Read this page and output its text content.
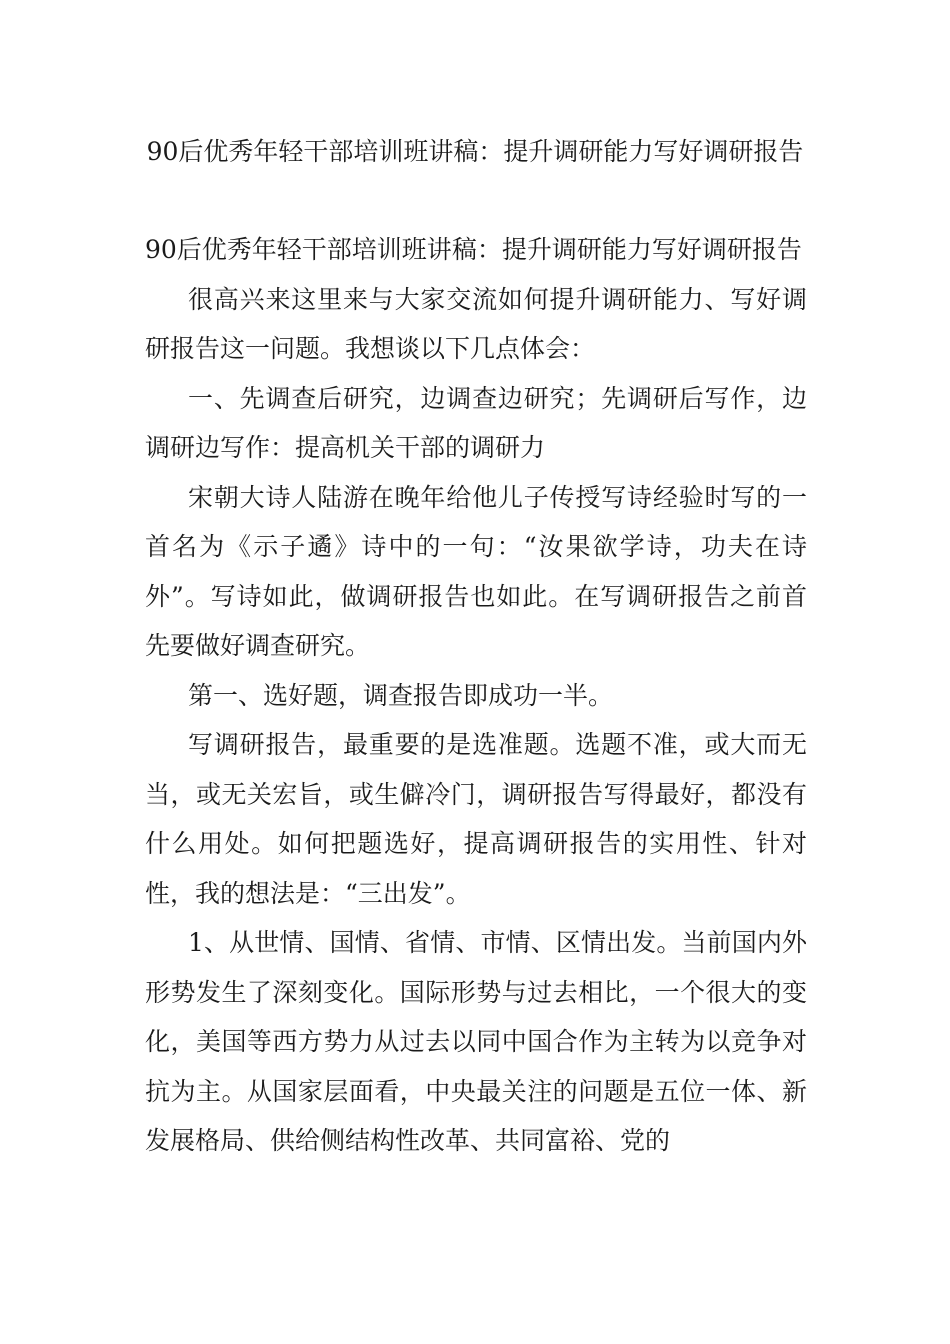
90后优秀年轻干部培训班讲稿：提升调研能力写好调研报告

90后优秀年轻干部培训班讲稿：提升调研能力写好调研报告

很高兴来这里来与大家交流如何提升调研能力、写好调研报告这一问题。我想谈以下几点体会：

一、先调查后研究，边调查边研究；先调研后写作，边调研边写作：提高机关干部的调研力

宋朝大诗人陆游在晚年给他儿子传授写诗经验时写的一首名为《示子遹》诗中的一句：“汝果欲学诗，功夫在诗外”。写诗如此，做调研报告也如此。在写调研报告之前首先要做好调查研究。

第一、选好题，调查报告即成功一半。

写调研报告，最重要的是选准题。选题不准，或大而无当，或无关宏旨，或生僻冷门，调研报告写得最好，都没有什么用处。如何把题选好，提高调研报告的实用性、针对性，我的想法是：“三出发”。

1、从世情、国情、省情、市情、区情出发。当前国内外形势发生了深刻变化。国际形势与过去相比，一个很大的变化，美国等西方势力从过去以同中国合作为主转为以竞争对抗为主。从国家层面看，中央最关注的问题是五位一体、新发展格局、供给侧结构性改革、共同富裕、党的
